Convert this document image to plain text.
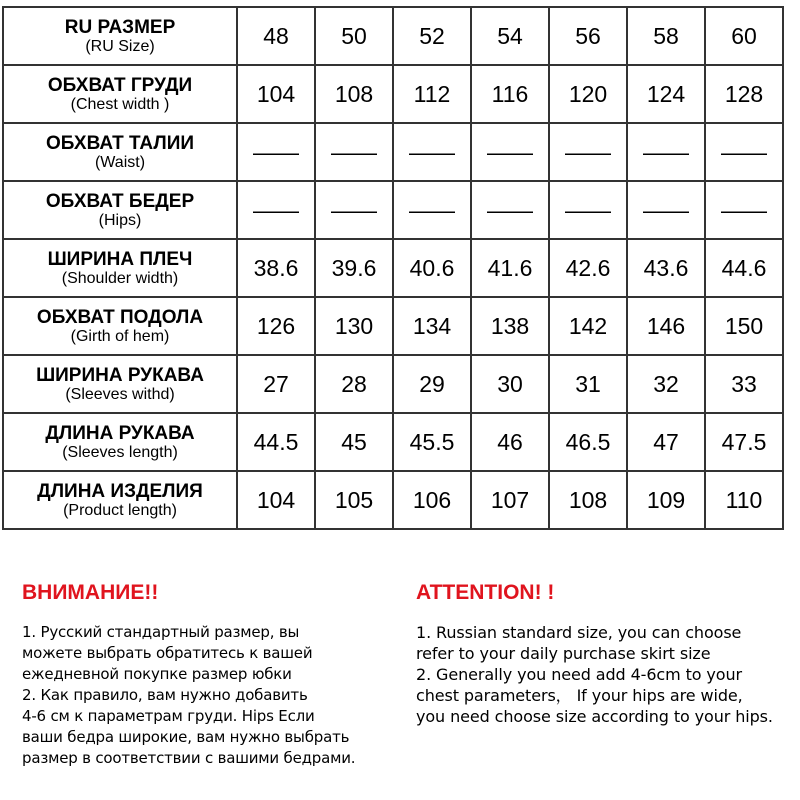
RU РАЗМЕР
(RU Size)	48	50	52	54	56	58	60

ОБХВАТ ГРУДИ
(Chest width )	104	108	112	116	120	124	128

ОБХВАТ ТАЛИИ
(Waist)	——	——	——	——	——	——	——

ОБХВАТ БЕДЕР
(Hips)	——	——	——	——	——	——	——

ШИРИНА ПЛЕЧ
(Shoulder width)	38.6	39.6	40.6	41.6	42.6	43.6	44.6

ОБХВАТ ПОДОЛА
(Girth of hem)	126	130	134	138	142	146	150

ШИРИНА РУКАВА
(Sleeves withd)	27	28	29	30	31	32	33

ДЛИНА РУКАВА
(Sleeves length)	44.5	45	45.5	46	46.5	47	47.5

ДЛИНА ИЗДЕЛИЯ
(Product length)	104	105	106	107	108	109	110
ВНИМАНИЕ!!
1. Русский стандартный размер, вы
можете выбрать обратитесь к вашей
ежедневной покупке размер юбки
2. Как правило, вам нужно добавить
4-6 см к параметрам груди. Hips Если
ваши бедра широкие, вам нужно выбрать
размер в соответствии с вашими бедрами.
ATTENTION! !
1. Russian standard size, you can choose
refer to your daily purchase skirt size
2. Generally you need add 4-6cm to your
chest parameters， If your hips are wide,
you need choose size according to your hips.
